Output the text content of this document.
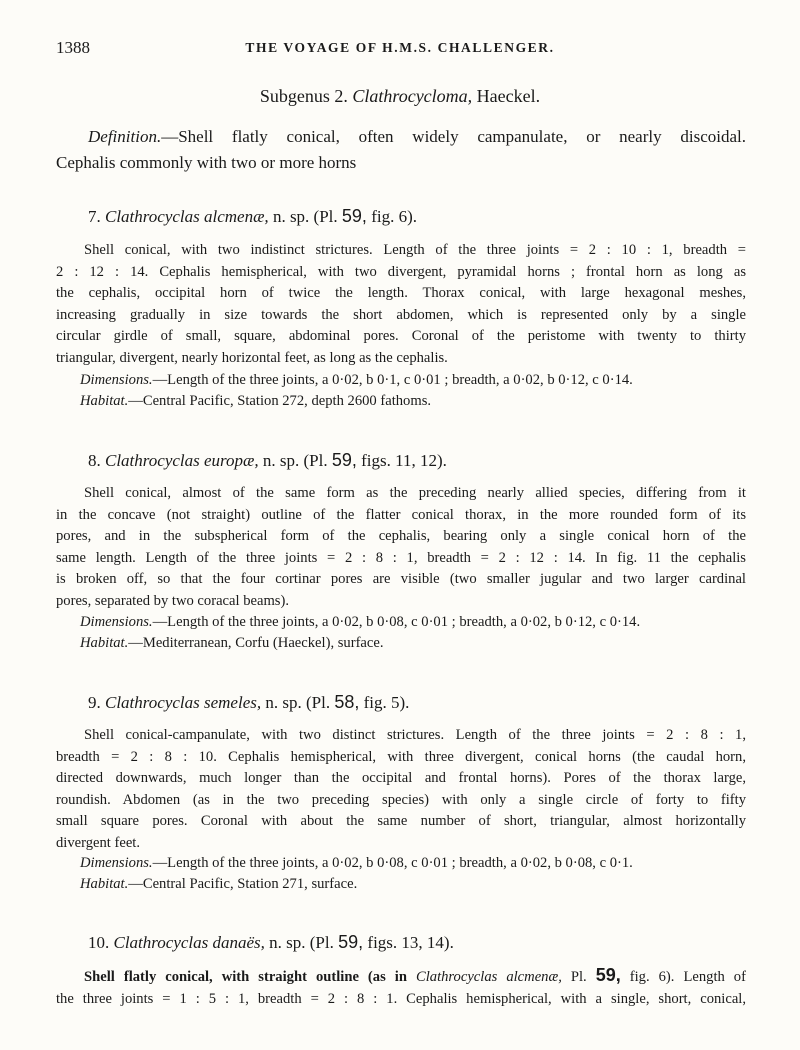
1388	THE VOYAGE OF H.M.S. CHALLENGER.
Subgenus 2. Clathrocycloma, Haeckel.
Definition.—Shell flatly conical, often widely campanulate, or nearly discoidal.
Cephalis commonly with two or more horns
7. Clathrocyclas alcmenæ, n. sp. (Pl. 59, fig. 6).
Shell conical, with two indistinct strictures. Length of the three joints = 2 : 10 : 1, breadth =
2 : 12 : 14. Cephalis hemispherical, with two divergent, pyramidal horns ; frontal horn as long as
the cephalis, occipital horn of twice the length. Thorax conical, with large hexagonal meshes,
increasing gradually in size towards the short abdomen, which is represented only by a single
circular girdle of small, square, abdominal pores. Coronal of the peristome with twenty to thirty
triangular, divergent, nearly horizontal feet, as long as the cephalis.
Dimensions.—Length of the three joints, a 0·02, b 0·1, c 0·01 ; breadth, a 0·02, b 0·12, c 0·14.
Habitat.—Central Pacific, Station 272, depth 2600 fathoms.
8. Clathrocyclas europæ, n. sp. (Pl. 59, figs. 11, 12).
Shell conical, almost of the same form as the preceding nearly allied species, differing from it
in the concave (not straight) outline of the flatter conical thorax, in the more rounded form of its
pores, and in the subspherical form of the cephalis, bearing only a single conical horn of the
same length. Length of the three joints = 2 : 8 : 1, breadth = 2 : 12 : 14. In fig. 11 the cephalis
is broken off, so that the four cortinar pores are visible (two smaller jugular and two larger cardinal
pores, separated by two coracal beams).
Dimensions.—Length of the three joints, a 0·02, b 0·08, c 0·01 ; breadth, a 0·02, b 0·12, c 0·14.
Habitat.—Mediterranean, Corfu (Haeckel), surface.
9. Clathrocyclas semeles, n. sp. (Pl. 58, fig. 5).
Shell conical-campanulate, with two distinct strictures. Length of the three joints = 2 : 8 : 1,
breadth = 2 : 8 : 10. Cephalis hemispherical, with three divergent, conical horns (the caudal horn,
directed downwards, much longer than the occipital and frontal horns). Pores of the thorax large,
roundish. Abdomen (as in the two preceding species) with only a single circle of forty to fifty
small square pores. Coronal with about the same number of short, triangular, almost horizontally
divergent feet.
Dimensions.—Length of the three joints, a 0·02, b 0·08, c 0·01 ; breadth, a 0·02, b 0·08, c 0·1.
Habitat.—Central Pacific, Station 271, surface.
10. Clathrocyclas danaës, n. sp. (Pl. 59, figs. 13, 14).
Shell flatly conical, with straight outline (as in Clathrocyclas alcmenæ, Pl. 59, fig. 6). Length of
the three joints = 1 : 5 : 1, breadth = 2 : 8 : 1. Cephalis hemispherical, with a single, short, conical,
